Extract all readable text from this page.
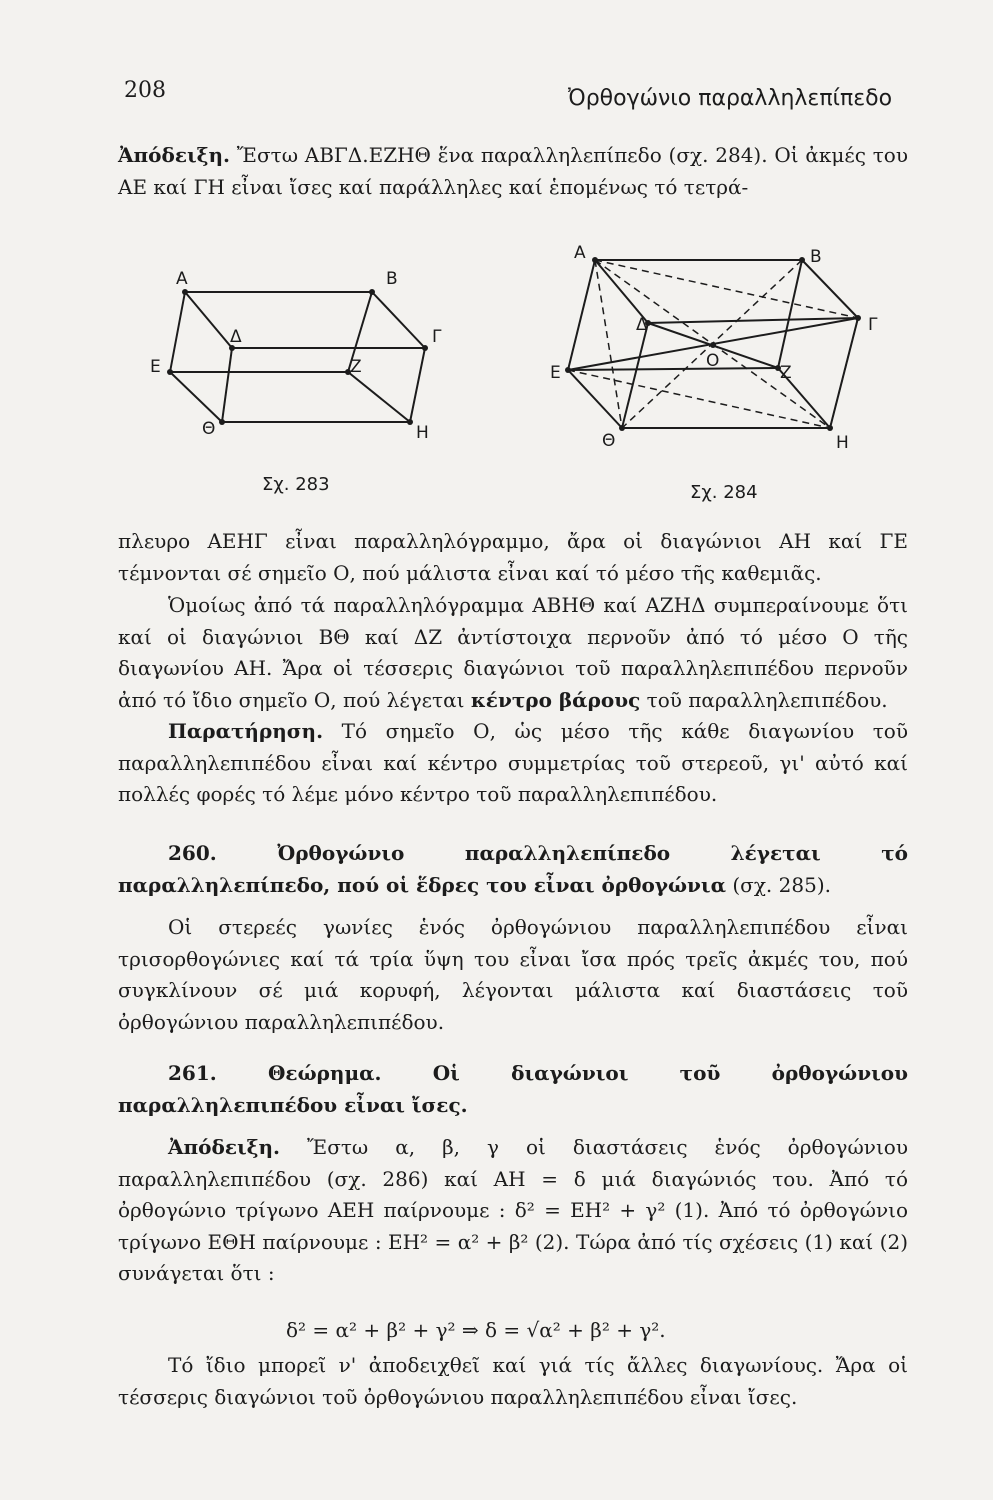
208	Ὀρθογώνιο παραλληλεπίπεδο
Ἀπόδειξη. Ἔστω ΑΒΓΔ.ΕΖΗΘ ἕνα παραλληλεπίπεδο (σχ. 284). Οἱ ἀκμές του ΑΕ καί ΓΗ εἶναι ἴσες καί παράλληλες καί ἑπομένως τό τετρά-
Α	Β
Δ	Γ
Ε	Ζ
Θ	Η
Σχ. 283
Α	Β
Δ	Γ
Ο
Ε	Ζ
Θ	Η
Σχ. 284
πλευρο ΑΕΗΓ εἶναι παραλληλόγραμμο, ἄρα οἱ διαγώνιοι ΑΗ καί ΓΕ τέμνονται σέ σημεῖο Ο, πού μάλιστα εἶναι καί τό μέσο τῆς καθεμιᾶς.
Ὁμοίως ἀπό τά παραλληλόγραμμα ΑΒΗΘ καί ΑΖΗΔ συμπεραίνουμε ὅτι καί οἱ διαγώνιοι ΒΘ καί ΔΖ ἀντίστοιχα περνοῦν ἀπό τό μέσο Ο τῆς διαγωνίου ΑΗ. Ἄρα οἱ τέσσερις διαγώνιοι τοῦ παραλληλεπιπέδου περνοῦν ἀπό τό ἴδιο σημεῖο Ο, πού λέγεται κέντρο βάρους τοῦ παραλληλεπιπέδου.
Παρατήρηση. Τό σημεῖο Ο, ὡς μέσο τῆς κάθε διαγωνίου τοῦ παραλληλεπιπέδου εἶναι καί κέντρο συμμετρίας τοῦ στερεοῦ, γι' αὐτό καί πολλές φορές τό λέμε μόνο κέντρο τοῦ παραλληλεπιπέδου.
260. Ὀρθογώνιο παραλληλεπίπεδο λέγεται τό παραλληλεπίπεδο, πού οἱ ἕδρες του εἶναι ὀρθογώνια (σχ. 285).
Οἱ στερεές γωνίες ἑνός ὀρθογώνιου παραλληλεπιπέδου εἶναι τρισορθογώνιες καί τά τρία ὕψη του εἶναι ἴσα πρός τρεῖς ἀκμές του, πού συγκλίνουν σέ μιά κορυφή, λέγονται μάλιστα καί διαστάσεις τοῦ ὀρθογώνιου παραλληλεπιπέδου.
261. Θεώρημα. Οἱ διαγώνιοι τοῦ ὀρθογώνιου παραλληλεπιπέδου εἶναι ἴσες.
Ἀπόδειξη. Ἔστω α, β, γ οἱ διαστάσεις ἑνός ὀρθογώνιου παραλληλεπιπέδου (σχ. 286) καί ΑΗ = δ μιά διαγώνιός του. Ἀπό τό ὀρθογώνιο τρίγωνο ΑΕΗ παίρνουμε : δ² = ΕΗ² + γ² (1). Ἀπό τό ὀρθογώνιο τρίγωνο ΕΘΗ παίρνουμε : ΕΗ² = α² + β² (2). Τώρα ἀπό τίς σχέσεις (1) καί (2) συνάγεται ὅτι :
δ² = α² + β² + γ² ⇒ δ = √α² + β² + γ².
Τό ἴδιο μπορεῖ ν' ἀποδειχθεῖ καί γιά τίς ἄλλες διαγωνίους. Ἄρα οἱ τέσσερις διαγώνιοι τοῦ ὀρθογώνιου παραλληλεπιπέδου εἶναι ἴσες.
